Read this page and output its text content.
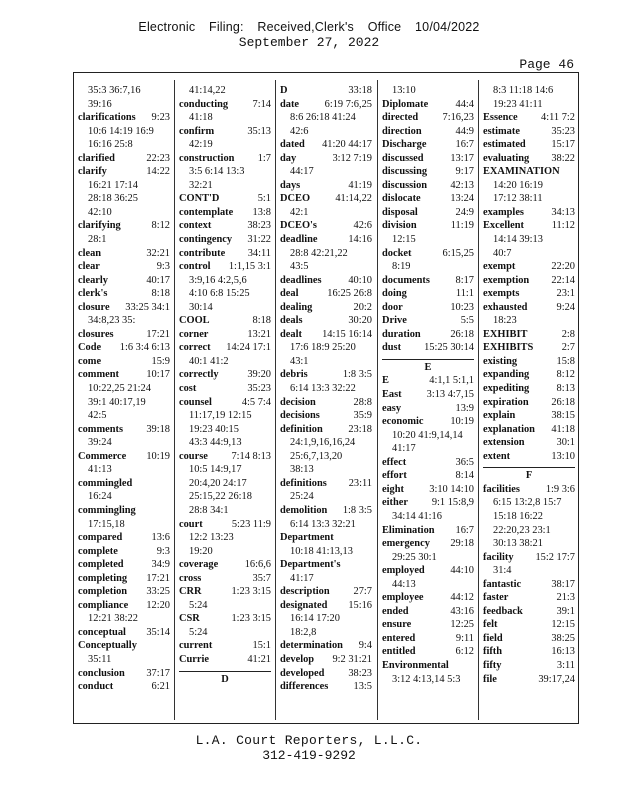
Electronic Filing: Received,Clerk's Office 10/04/2022
September 27, 2022
Page 46
35:3 36:7,16
39:16
clarifications 9:23
10:6 14:19 16:9
16:16 25:8
clarified	22:23
clarify	14:22
16:21 17:14
28:18 36:25
42:10
clarifying	8:12
28:1
clean	32:21
clear	9:3
clearly	40:17
clerk's	8:18
closure 33:25 34:1
34:8,23 35:
closures	17:21
Code 1:6 3:4 6:13
come	15:9
comment	10:17
10:22,25 21:24
39:1 40:17,19
42:5
comments 39:18
39:24
Commerce 10:19
41:13
commingled
16:24
commingling
17:15,18
compared	13:6
complete	9:3
completed	34:9
completing 17:21
completion 33:25
compliance 12:20
12:21 38:22
conceptual 35:14
Conceptually
35:11
conclusion 37:17
conduct	6:21
41:14,22
conducting 7:14
41:18
confirm	35:13
42:19
construction 1:7
3:5 6:14 13:3
32:21
CONT'D	5:1
contemplate 13:8
context	38:23
contingency 31:22
contribute 34:11
control 1:1,15 3:1
3:9,16 4:2,5,6
4:10 6:8 15:25
30:14
COOL	8:18
corner	13:21
correct 14:24 17:1
40:1 41:2
correctly	39:20
cost	35:23
counsel	4:5 7:4
11:17,19 12:15
19:23 40:15
43:3 44:9,13
course 7:14 8:13
10:5 14:9,17
20:4,20 24:17
25:15,22 26:18
28:8 34:1
court	5:23 11:9
12:2 13:23
19:20
coverage	16:6,6
cross	35:7
CRR	1:23 3:15
5:24
CSR	1:23 3:15
5:24
current	15:1
Currie	41:21
D
D	33:18
date 6:19 7:6,25
8:6 26:18 41:24
42:6
dated 41:20 44:17
day	3:12 7:19
44:17
days	41:19
DCEO 41:14,22
42:1
DCEO's	42:6
deadline	14:16
28:8 42:21,22
43:5
deadlines	40:10
deal	16:25 26:8
dealing	20:2
deals	30:20
dealt 14:15 16:14
17:6 18:9 25:20
43:1
debris	1:8 3:5
6:14 13:3 32:22
decision	28:8
decisions	35:9
definition 23:18
24:1,9,16,16,24
25:6,7,13,20
38:13
definitions 23:11
25:24
demolition 1:8 3:5
6:14 13:3 32:21
Department
10:18 41:13,13
Department's
41:17
description 27:7
designated 15:16
16:14 17:20
18:2,8
determination 9:4
develop 9:2 31:21
developed 38:23
differences 13:5
13:10
Diplomate	44:4
directed 7:16,23
direction	44:9
Discharge	16:7
discussed	13:17
discussing	9:17
discussion 42:13
dislocate	13:24
disposal	24:9
division	11:19
12:15
docket	6:15,25
8:19
documents 8:17
doing	11:1
door	10:23
Drive	5:5
duration	26:18
dust 15:25 30:14
E
E	4:1,1 5:1,1
East 3:13 4:7,15
easy	13:9
economic	10:19
10:20 41:9,14,14
41:17
effect	36:5
effort	8:14
eight 3:10 14:10
either 9:1 15:8,9
34:14 41:16
Elimination 16:7
emergency 29:18
29:25 30:1
employed 44:10
44:13
employee	44:12
ended	43:16
ensure	12:25
entered	9:11
entitled	6:12
Environmental
3:12 4:13,14 5:3
8:3 11:18 14:6
19:23 41:11
Essence 4:11 7:2
estimate	35:23
estimated 15:17
evaluating 38:22
EXAMINATION
14:20 16:19
17:12 38:11
examples	34:13
Excellent	11:12
14:14 39:13
40:7
exempt	22:20
exemption 22:14
exempts	23:1
exhausted	9:24
18:23
EXHIBIT	2:8
EXHIBITS	2:7
existing	15:8
expanding	8:12
expediting	8:13
expiration 26:18
explain	38:15
explanation 41:18
extension	30:1
extent	13:10
F
facilities 1:9 3:6
6:15 13:2,8 15:7
15:18 16:22
22:20,23 23:1
30:13 38:21
facility 15:2 17:7
31:4
fantastic	38:17
faster	21:3
feedback	39:1
felt	12:15
field	38:25
fifth	16:13
fifty	3:11
file	39:17,24
L.A. Court Reporters, L.L.C.
312-419-9292
